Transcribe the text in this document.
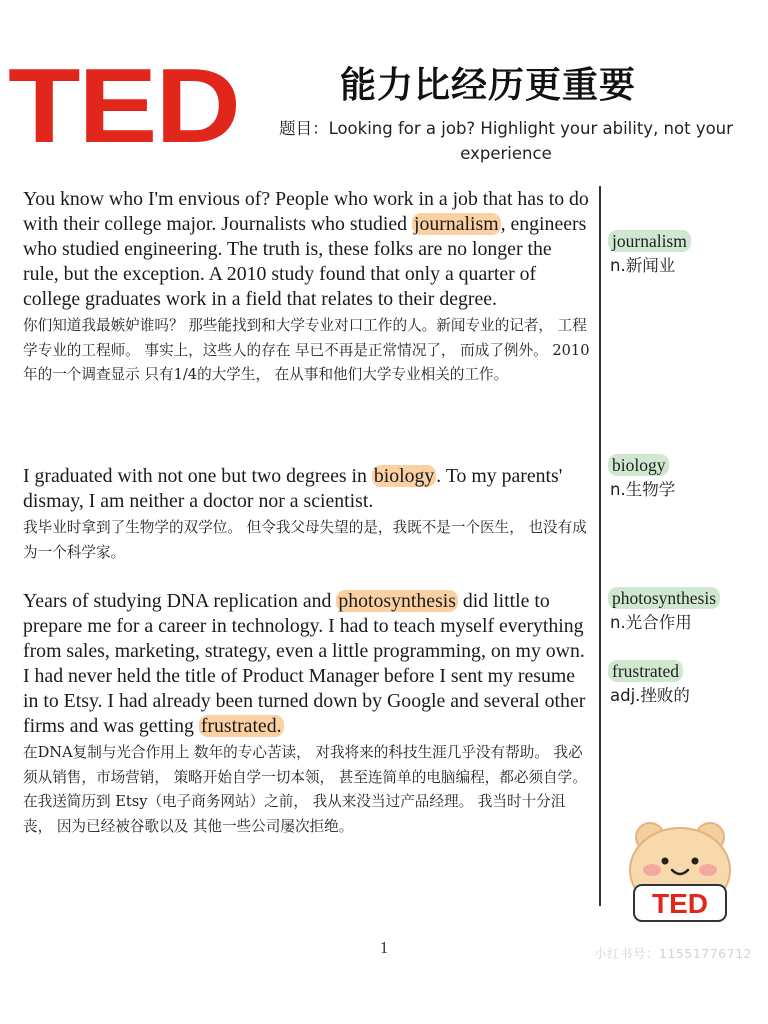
TED	能力比经历更重要
题目：Looking for a job? Highlight your ability, not your experience
You know who I'm envious of? People who work in a job that has to do with their college major. Journalists who studied journalism , engineers who studied engineering. The truth is, these folks are no longer the rule, but the exception. A 2010 study found that only a quarter of college graduates work in a field that relates to their degree.
你们知道我最嫉妒谁吗？ 那些能找到和大学专业对口工作的人。新闻专业的记者， 工程学专业的工程师。 事实上，这些人的存在 早已不再是正常情况了， 而成了例外。 2010年的一个调查显示 只有1/4的大学生， 在从事和他们大学专业相关的工作。
I graduated with not one but two degrees in biology . To my parents' dismay, I am neither a doctor nor a scientist.
我毕业时拿到了生物学的双学位。 但令我父母失望的是，我既不是一个医生， 也没有成为一个科学家。
Years of studying DNA replication and photosynthesis did little to prepare me for a career in technology. I had to teach myself everything from sales, marketing, strategy, even a little programming, on my own. I had never held the title of Product Manager before I sent my resume in to Etsy. I had already been turned down by Google and several other firms and was getting frustrated.
在DNA复制与光合作用上 数年的专心苦读， 对我将来的科技生涯几乎没有帮助。 我必须从销售，市场营销， 策略开始自学一切本领， 甚至连简单的电脑编程，都必须自学。 在我送简历到 Etsy（电子商务网站）之前， 我从来没当过产品经理。 我当时十分沮丧， 因为已经被谷歌以及 其他一些公司屡次拒绝。
journalism
n.新闻业
biology
n.生物学
photosynthesis
n.光合作用
frustrated
adj.挫败的
TED
1	小红书号：11551776712
